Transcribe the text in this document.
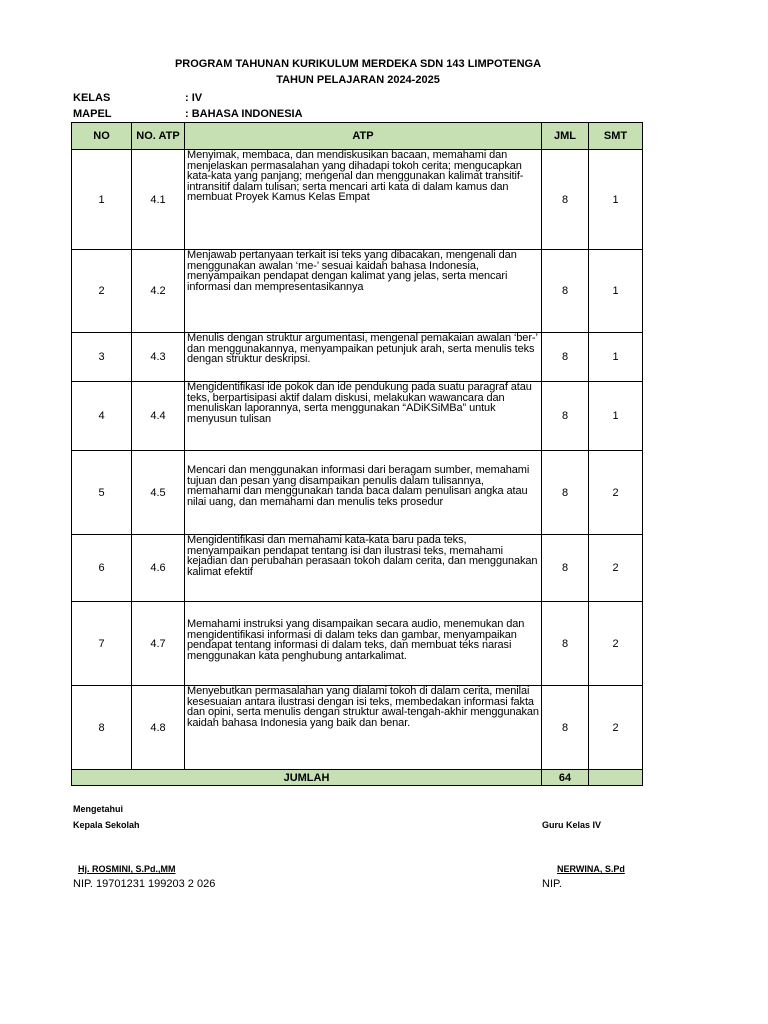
PROGRAM TAHUNAN KURIKULUM MERDEKA SDN 143 LIMPOTENGA
TAHUN PELAJARAN 2024-2025
KELAS	: IV
MAPEL	: BAHASA INDONESIA
NO	NO. ATP	ATP	JML	SMT
1	4.1	Menyimak, membaca, dan mendiskusikan bacaan, memahami dan menjelaskan permasalahan yang dihadapi tokoh cerita; mengucapkan kata-kata yang panjang; mengenal dan menggunakan kalimat transitif-intransitif dalam tulisan; serta mencari arti kata di dalam kamus dan membuat Proyek Kamus Kelas Empat	8	1
2	4.2	Menjawab pertanyaan terkait isi teks yang dibacakan, mengenali dan menggunakan awalan ‘me-’ sesuai kaidah bahasa Indonesia, menyampaikan pendapat dengan kalimat yang jelas, serta mencari informasi dan mempresentasikannya	8	1
3	4.3	Menulis dengan struktur argumentasi, mengenal pemakaian awalan ‘ber-’ dan menggunakannya, menyampaikan petunjuk arah, serta menulis teks dengan struktur deskripsi.	8	1
4	4.4	Mengidentifikasi ide pokok dan ide pendukung pada suatu paragraf atau teks, berpartisipasi aktif dalam diskusi, melakukan wawancara dan menuliskan laporannya, serta menggunakan “ADiKSiMBa” untuk menyusun tulisan	8	1
5	4.5	Mencari dan menggunakan informasi dari beragam sumber, memahami tujuan dan pesan yang disampaikan penulis dalam tulisannya, memahami dan menggunakan tanda baca dalam penulisan angka atau nilai uang, dan memahami dan menulis teks prosedur	8	2
6	4.6	Mengidentifikasi dan memahami kata-kata baru pada teks, menyampaikan pendapat tentang isi dan ilustrasi teks, memahami kejadian dan perubahan perasaan tokoh dalam cerita, dan menggunakan kalimat efektif	8	2
7	4.7	Memahami instruksi yang disampaikan secara audio, menemukan dan mengidentifikasi informasi di dalam teks dan gambar, menyampaikan pendapat tentang informasi di dalam teks, dan membuat teks narasi menggunakan kata penghubung antarkalimat.	8	2
8	4.8	Menyebutkan permasalahan yang dialami tokoh di dalam cerita, menilai kesesuaian antara ilustrasi dengan isi teks, membedakan informasi fakta dan opini, serta menulis dengan struktur awal-tengah-akhir menggunakan kaidah bahasa Indonesia yang baik dan benar.	8	2
JUMLAH			64	
Mengetahui
Kepala Sekolah	Guru Kelas IV
Hj. ROSMINI, S.Pd.,MM	NERWINA, S.Pd
NIP. 19701231 199203 2 026	NIP.
